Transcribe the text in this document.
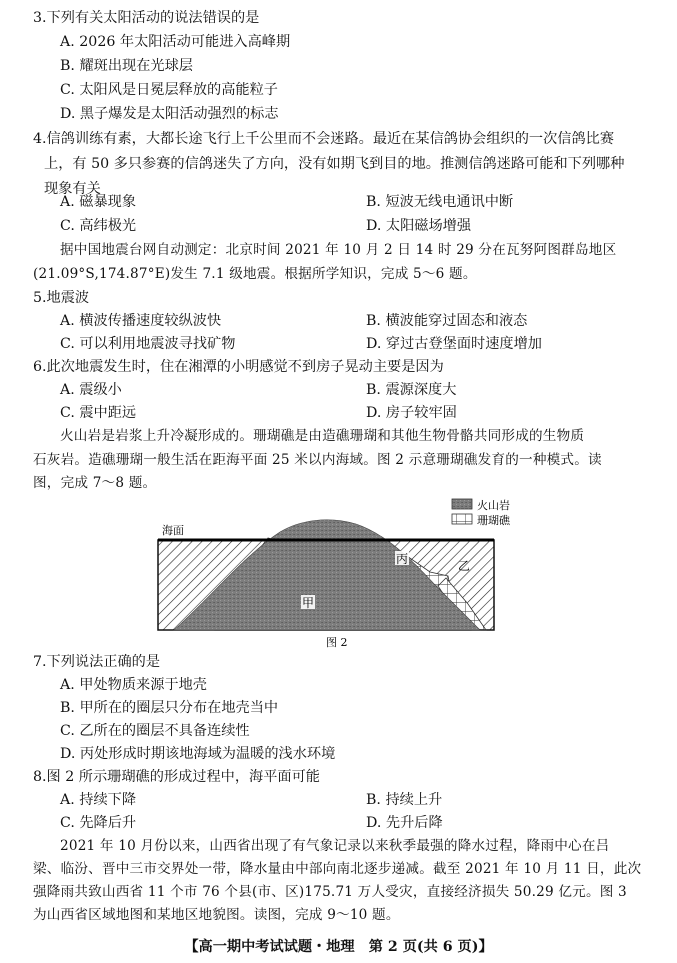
3.下列有关太阳活动的说法错误的是
A. 2026 年太阳活动可能进入高峰期
B. 耀斑出现在光球层
C. 太阳风是日冕层释放的高能粒子
D. 黑子爆发是太阳活动强烈的标志
4.信鸽训练有素，大都长途飞行上千公里而不会迷路。最近在某信鸽协会组织的一次信鸽比赛
上，有 50 多只参赛的信鸽迷失了方向，没有如期飞到目的地。推测信鸽迷路可能和下列哪种
现象有关
A. 磁暴现象	B. 短波无线电通讯中断
C. 高纬极光	D. 太阳磁场增强
据中国地震台网自动测定：北京时间 2021 年 10 月 2 日 14 时 29 分在瓦努阿图群岛地区
(21.09°S,174.87°E)发生 7.1 级地震。根据所学知识，完成 5～6 题。
5.地震波
A. 横波传播速度较纵波快	B. 横波能穿过固态和液态
C. 可以利用地震波寻找矿物	D. 穿过古登堡面时速度增加
6.此次地震发生时，住在湘潭的小明感觉不到房子晃动主要是因为
A. 震级小	B. 震源深度大
C. 震中距远	D. 房子较牢固
火山岩是岩浆上升冷凝形成的。珊瑚礁是由造礁珊瑚和其他生物骨骼共同形成的生物质
石灰岩。造礁珊瑚一般生活在距海平面 25 米以内海域。图 2 示意珊瑚礁发育的一种模式。读
图，完成 7～8 题。
火山岩
珊瑚礁
海面
甲
丙	乙
图 2
7.下列说法正确的是
A. 甲处物质来源于地壳
B. 甲所在的圈层只分布在地壳当中
C. 乙所在的圈层不具备连续性
D. 丙处形成时期该地海域为温暖的浅水环境
8.图 2 所示珊瑚礁的形成过程中，海平面可能
A. 持续下降	B. 持续上升
C. 先降后升	D. 先升后降
2021 年 10 月份以来，山西省出现了有气象记录以来秋季最强的降水过程，降雨中心在吕
梁、临汾、晋中三市交界处一带，降水量由中部向南北逐步递减。截至 2021 年 10 月 11 日，此次
强降雨共致山西省 11 个市 76 个县(市、区)175.71 万人受灾，直接经济损失 50.29 亿元。图 3
为山西省区域地图和某地区地貌图。读图，完成 9～10 题。
【高一期中考试试题・地理　第 2 页(共 6 页)】
